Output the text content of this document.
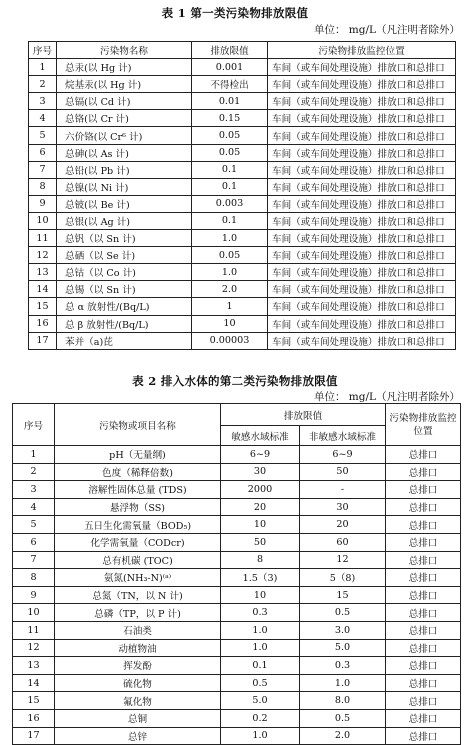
表 1 第一类污染物排放限值
单位： mg/L（凡注明者除外）
序号	污染物名称	排放限值	污染物排放监控位置
1	总汞(以 Hg 计)	0.001	车间（或车间处理设施）排放口和总排口
2	烷基汞(以 Hg 计)	不得检出	车间（或车间处理设施）排放口和总排口
3	总镉(以 Cd 计)	0.01	车间（或车间处理设施）排放口和总排口
4	总铬(以 Cr 计)	0.15	车间（或车间处理设施）排放口和总排口
5	六价铬(以 Cr⁶ 计)	0.05	车间（或车间处理设施）排放口和总排口
6	总砷(以 As 计)	0.05	车间（或车间处理设施）排放口和总排口
7	总铅(以 Pb 计)	0.1	车间（或车间处理设施）排放口和总排口
8	总镍(以 Ni 计)	0.1	车间（或车间处理设施）排放口和总排口
9	总铍(以 Be 计)	0.003	车间（或车间处理设施）排放口和总排口
10	总银(以 Ag 计)	0.1	车间（或车间处理设施）排放口和总排口
11	总钒（以 Sn 计)	1.0	车间（或车间处理设施）排放口和总排口
12	总硒（以 Se 计)	0.05	车间（或车间处理设施）排放口和总排口
13	总钴（以 Co 计)	1.0	车间（或车间处理设施）排放口和总排口
14	总锡（以 Sn 计)	2.0	车间（或车间处理设施）排放口和总排口
15	总 α 放射性/(Bq/L)	1	车间（或车间处理设施）排放口和总排口
16	总 β 放射性/(Bq/L)	10	车间（或车间处理设施）排放口和总排口
17	苯并（a)芘	0.00003	车间（或车间处理设施）排放口和总排口
表 2 排入水体的第二类污染物排放限值
单位： mg/L（凡注明者除外）
序号	污染物或项目名称	排放限值		污染物排放监控位置
		敏感水域标准	非敏感水域标准	
1	pH（无量纲)	6~9	6~9	总排口
2	色度（稀释倍数)	30	50	总排口
3	溶解性固体总量 (TDS)	2000	-	总排口
4	悬浮物（SS)	20	30	总排口
5	五日生化需氧量（BOD₅)	10	20	总排口
6	化学需氧量（CODcr)	50	60	总排口
7	总有机碳 (TOC)	8	12	总排口
8	氨氮(NH₃-N)⁽ᵃ⁾	1.5（3)	5（8)	总排口
9	总氮（TN，以 N 计)	10	15	总排口
10	总磷（TP，以 P 计)	0.3	0.5	总排口
11	石油类	1.0	3.0	总排口
12	动植物油	1.0	5.0	总排口
13	挥发酚	0.1	0.3	总排口
14	硫化物	0.5	1.0	总排口
15	氟化物	5.0	8.0	总排口
16	总铜	0.2	0.5	总排口
17	总锌	1.0	2.0	总排口
